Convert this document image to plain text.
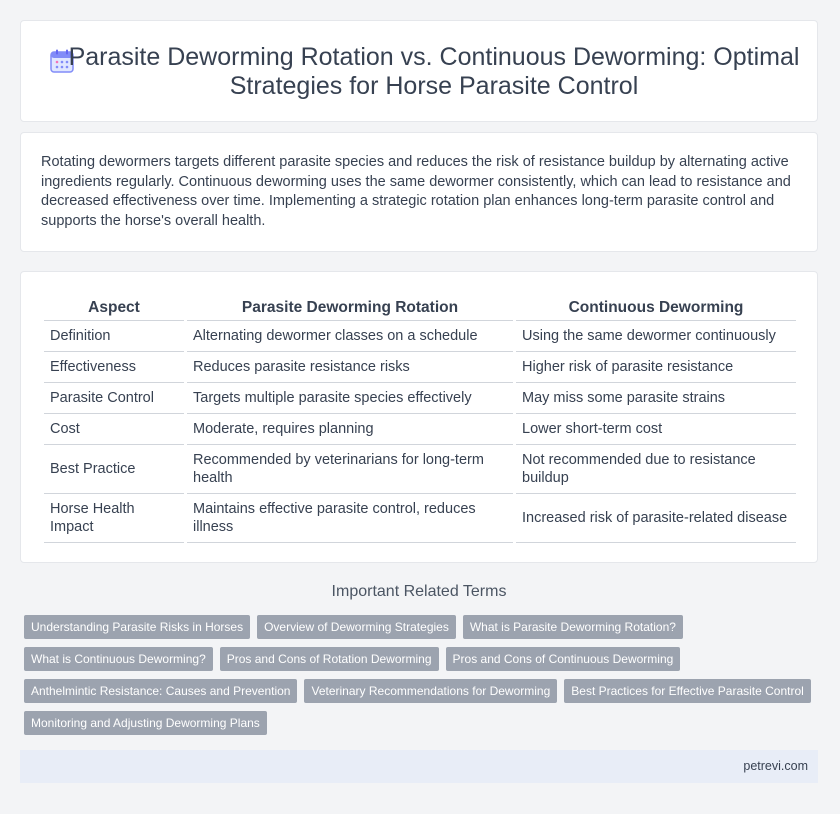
Parasite Deworming Rotation vs. Continuous Deworming: Optimal Strategies for Horse Parasite Control

Rotating dewormers targets different parasite species and reduces the risk of resistance buildup by alternating active ingredients regularly. Continuous deworming uses the same dewormer consistently, which can lead to resistance and decreased effectiveness over time. Implementing a strategic rotation plan enhances long-term parasite control and supports the horse's overall health.

Aspect	Parasite Deworming Rotation	Continuous Deworming
Definition	Alternating dewormer classes on a schedule	Using the same dewormer continuously
Effectiveness	Reduces parasite resistance risks	Higher risk of parasite resistance
Parasite Control	Targets multiple parasite species effectively	May miss some parasite strains
Cost	Moderate, requires planning	Lower short-term cost
Best Practice	Recommended by veterinarians for long-term health	Not recommended due to resistance buildup
Horse Health Impact	Maintains effective parasite control, reduces illness	Increased risk of parasite-related disease
Important Related Terms
Understanding Parasite Risks in Horses	Overview of Deworming Strategies	What is Parasite Deworming Rotation?
What is Continuous Deworming?	Pros and Cons of Rotation Deworming	Pros and Cons of Continuous Deworming
Anthelmintic Resistance: Causes and Prevention	Veterinary Recommendations for Deworming	Best Practices for Effective Parasite Control
Monitoring and Adjusting Deworming Plans
petrevi.com
